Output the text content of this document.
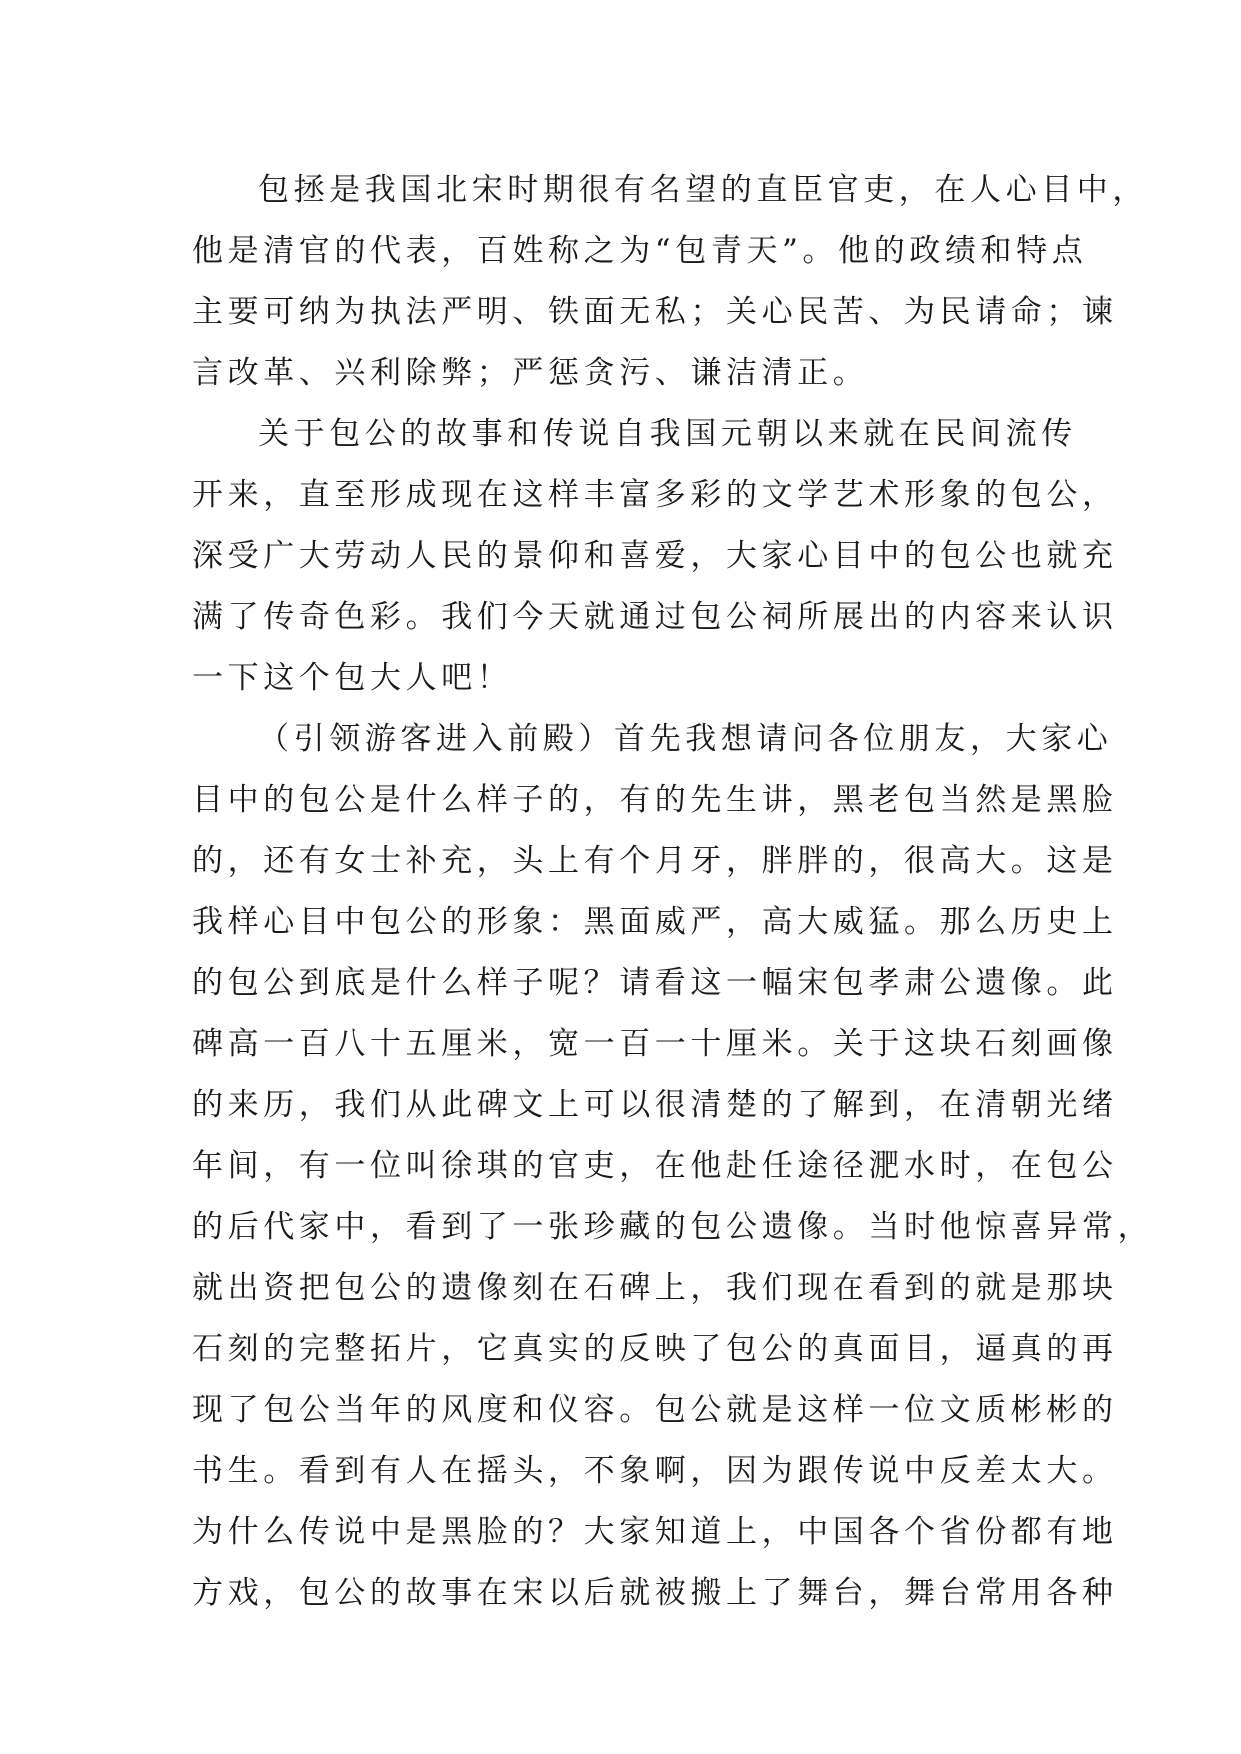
包拯是我国北宋时期很有名望的直臣官吏，在人心目中，
他是清官的代表，百姓称之为“包青天”。他的政绩和特点
主要可纳为执法严明、铁面无私；关心民苦、为民请命；谏
言改革、兴利除弊；严惩贪污、谦洁清正。
关于包公的故事和传说自我国元朝以来就在民间流传
开来，直至形成现在这样丰富多彩的文学艺术形象的包公，
深受广大劳动人民的景仰和喜爱，大家心目中的包公也就充
满了传奇色彩。我们今天就通过包公祠所展出的内容来认识
一下这个包大人吧！
（引领游客进入前殿）首先我想请问各位朋友，大家心
目中的包公是什么样子的，有的先生讲，黑老包当然是黑脸
的，还有女士补充，头上有个月牙，胖胖的，很高大。这是
我样心目中包公的形象：黑面威严，高大威猛。那么历史上
的包公到底是什么样子呢？请看这一幅宋包孝肃公遗像。此
碑高一百八十五厘米，宽一百一十厘米。关于这块石刻画像
的来历，我们从此碑文上可以很清楚的了解到，在清朝光绪
年间，有一位叫徐琪的官吏，在他赴任途径淝水时，在包公
的后代家中，看到了一张珍藏的包公遗像。当时他惊喜异常，
就出资把包公的遗像刻在石碑上，我们现在看到的就是那块
石刻的完整拓片，它真实的反映了包公的真面目，逼真的再
现了包公当年的风度和仪容。包公就是这样一位文质彬彬的
书生。看到有人在摇头，不象啊，因为跟传说中反差太大。
为什么传说中是黑脸的？大家知道上，中国各个省份都有地
方戏，包公的故事在宋以后就被搬上了舞台，舞台常用各种
